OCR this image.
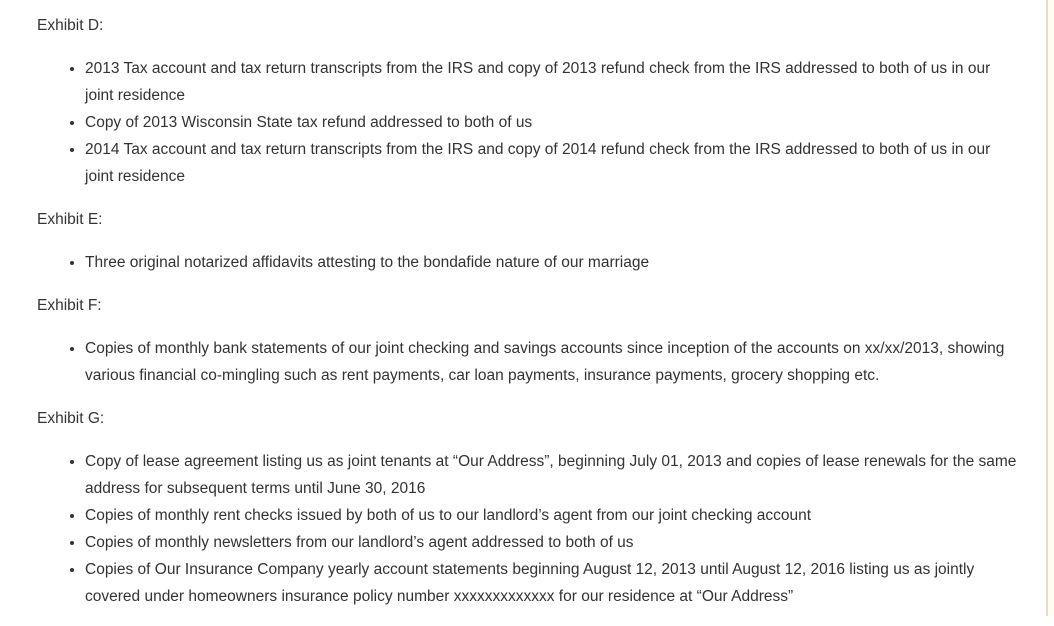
Exhibit D:

• 2013 Tax account and tax return transcripts from the IRS and copy of 2013 refund check from the IRS addressed to both of us in our joint residence
• Copy of 2013 Wisconsin State tax refund addressed to both of us
• 2014 Tax account and tax return transcripts from the IRS and copy of 2014 refund check from the IRS addressed to both of us in our joint residence

Exhibit E:

• Three original notarized affidavits attesting to the bondafide nature of our marriage

Exhibit F:

• Copies of monthly bank statements of our joint checking and savings accounts since inception of the accounts on xx/xx/2013, showing various financial co-mingling such as rent payments, car loan payments, insurance payments, grocery shopping etc.

Exhibit G:

• Copy of lease agreement listing us as joint tenants at “Our Address”, beginning July 01, 2013 and copies of lease renewals for the same address for subsequent terms until June 30, 2016
• Copies of monthly rent checks issued by both of us to our landlord’s agent from our joint checking account
• Copies of monthly newsletters from our landlord’s agent addressed to both of us
• Copies of Our Insurance Company yearly account statements beginning August 12, 2013 until August 12, 2016 listing us as jointly covered under homeowners insurance policy number xxxxxxxxxxxxx for our residence at “Our Address”
